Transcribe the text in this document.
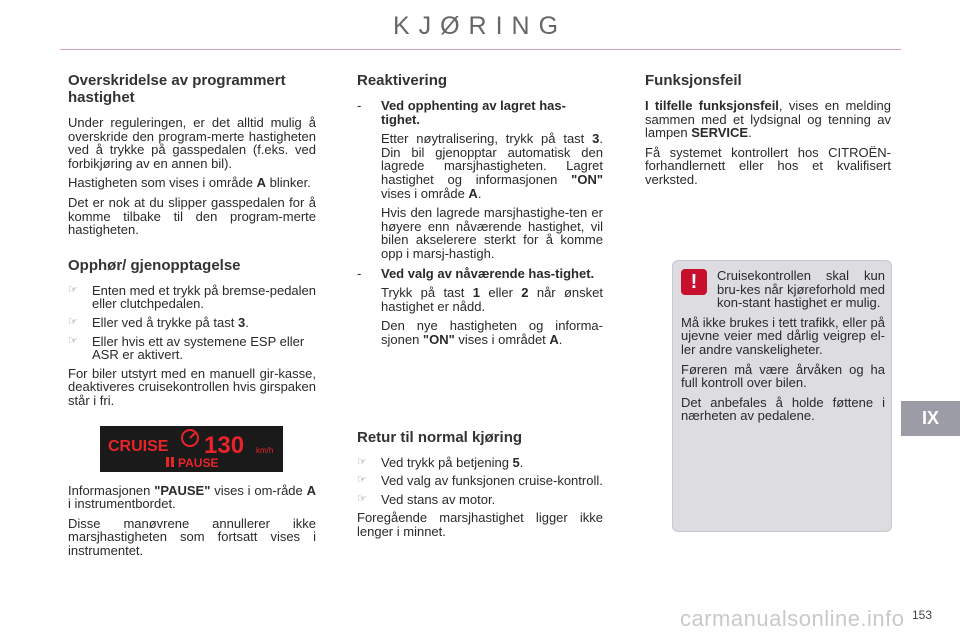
KJØRING
Overskridelse av programmert hastighet

Under reguleringen, er det alltid mulig å overskride den program-merte hastigheten ved å trykke på gasspedalen (f.eks. ved forbikjøring av en annen bil).

Hastigheten som vises i område A blinker.

Det er nok at du slipper gasspedalen for å komme tilbake til den program-merte hastigheten.

Opphør/ gjenopptagelse
☞	Enten med et trykk på bremse-pedalen eller clutchpedalen.
☞	Eller ved å trykke på tast 3.
☞	Eller hvis ett av systemene ESP eller ASR er aktivert.

For biler utstyrt med en manuell gir-kasse, deaktiveres cruisekontrollen hvis girspaken står i fri.

CRUISE 130 km/h
PAUSE

Informasjonen "PAUSE" vises i om-råde A i instrumentbordet.

Disse manøvrene annullerer ikke marsjhastigheten som fortsatt vises i instrumentet.

Reaktivering
-	Ved opphenting av lagret has-tighet.

Etter nøytralisering, trykk på tast 3. Din bil gjenopptar automatisk den lagrede marsjhastigheten. Lagret hastighet og informasjonen "ON" vises i område A.

Hvis den lagrede marsjhastighe-ten er høyere enn nåværende hastighet, vil bilen akselerere sterkt for å komme opp i marsj-hastigh.

-	Ved valg av nåværende has-tighet.

Trykk på tast 1 eller 2 når ønsket hastighet er nådd.

Den nye hastigheten og informa-sjonen "ON" vises i området A.

Retur til normal kjøring
☞	Ved trykk på betjening 5.
☞	Ved valg av funksjonen cruise-kontroll.
☞	Ved stans av motor.

Foregående marsjhastighet ligger ikke lenger i minnet.

Funksjonsfeil

I tilfelle funksjonsfeil, vises en melding sammen med et lydsignal og tenning av lampen SERVICE.

Få systemet kontrollert hos CITROËN-forhandlernett eller hos et kvalifisert verksted.

!	Cruisekontrollen skal kun bru-kes når kjøreforhold med kon-stant hastighet er mulig.

Må ikke brukes i tett trafikk, eller på ujevne veier med dårlig veigrep el-ler andre vanskeligheter.

Føreren må være årvåken og ha full kontroll over bilen.

Det anbefales å holde føttene i nærheten av pedalene.	IX
carmanualsonline.info 153
